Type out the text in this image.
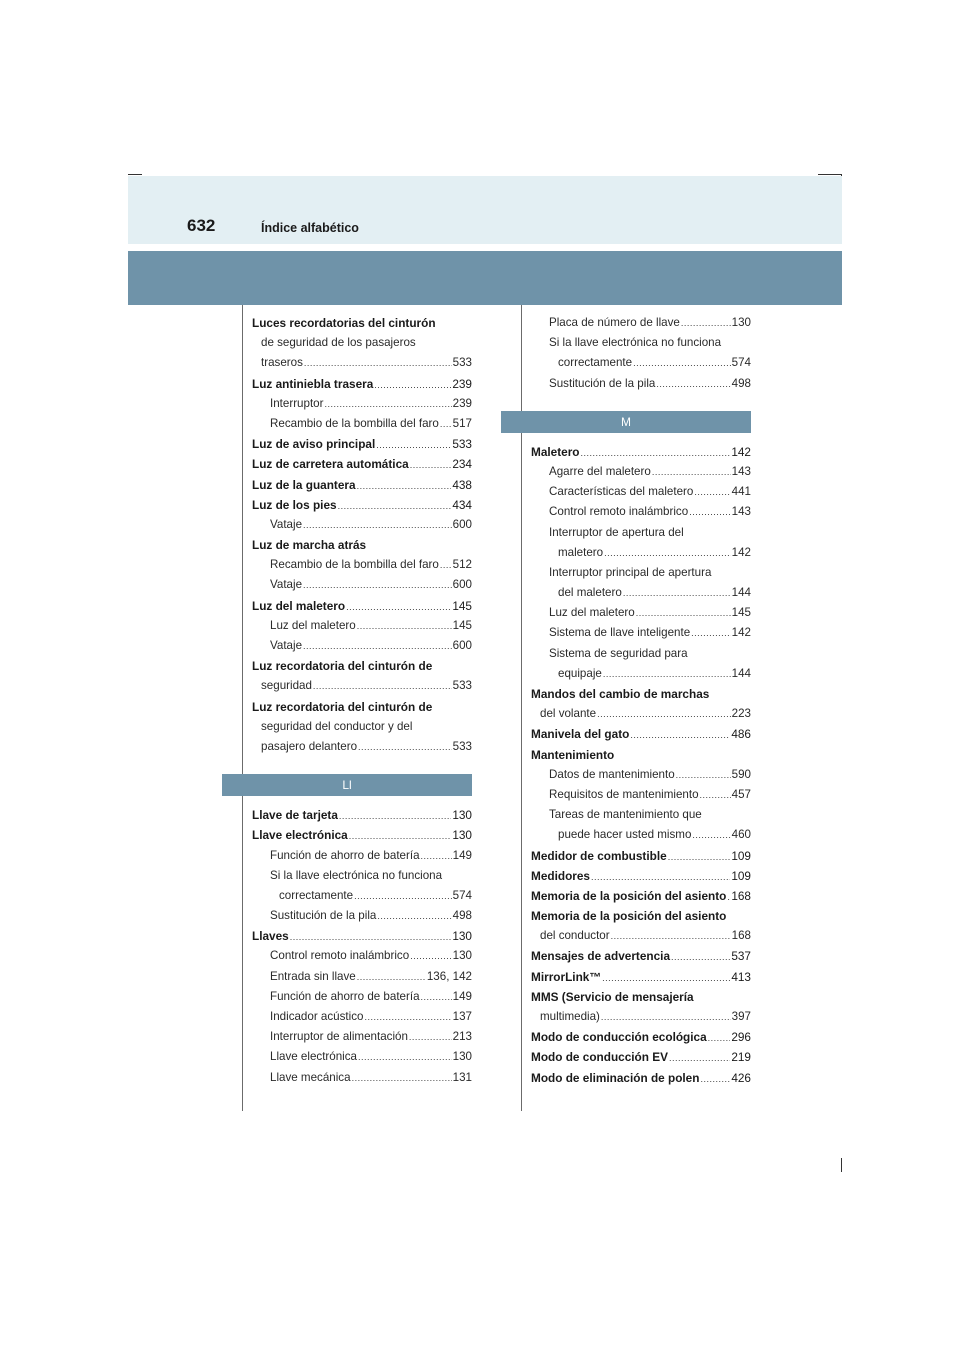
632	Índice alfabético
Luces recordatorias del cinturón
de seguridad de los pasajeros
traseros .....	533
Luz antiniebla trasera .....	239
Interruptor .....	239
Recambio de la bombilla del faro ..... 517
Luz de aviso principal .....	533
Luz de carretera automática .....	234
Luz de la guantera .....	438
Luz de los pies .....	434
Vataje .....	600
Luz de marcha atrás
Recambio de la bombilla del faro ..... 512
Vataje .....	600
Luz del maletero .....	145
Luz del maletero .....	145
Vataje .....	600
Luz recordatoria del cinturón de
seguridad .....	533
Luz recordatoria del cinturón de
seguridad del conductor y del
pasajero delantero .....	533
Ll
Llave de tarjeta .....	130
Llave electrónica .....	130
Función de ahorro de batería .....	149
Si la llave electrónica no funciona
correctamente .....	574
Sustitución de la pila .....	498
Llaves .....	130
Control remoto inalámbrico .....	130
Entrada sin llave .....	136, 142
Función de ahorro de batería .....	149
Indicador acústico .....	137
Interruptor de alimentación .....	213
Llave electrónica .....	130
Llave mecánica .....	131
Placa de número de llave .....	130
Si la llave electrónica no funciona
correctamente .....	574
Sustitución de la pila .....	498
M
Maletero .....	142
Agarre del maletero .....	143
Características del maletero .....	441
Control remoto inalámbrico .....	143
Interruptor de apertura del
maletero .....	142
Interruptor principal de apertura
del maletero .....	144
Luz del maletero .....	145
Sistema de llave inteligente .....	142
Sistema de seguridad para
equipaje .....	144
Mandos del cambio de marchas
del volante .....	223
Manivela del gato .....	486
Mantenimiento
Datos de mantenimiento .....	590
Requisitos de mantenimiento .....	457
Tareas de mantenimiento que
puede hacer usted mismo .....	460
Medidor de combustible .....	109
Medidores .....	109
Memoria de la posición del asiento ..... 168
Memoria de la posición del asiento
del conductor .....	168
Mensajes de advertencia .....	537
MirrorLink™ .....	413
MMS (Servicio de mensajería
multimedia) .....	397
Modo de conducción ecológica ..... 296
Modo de conducción EV .....	219
Modo de eliminación de polen .....	426
